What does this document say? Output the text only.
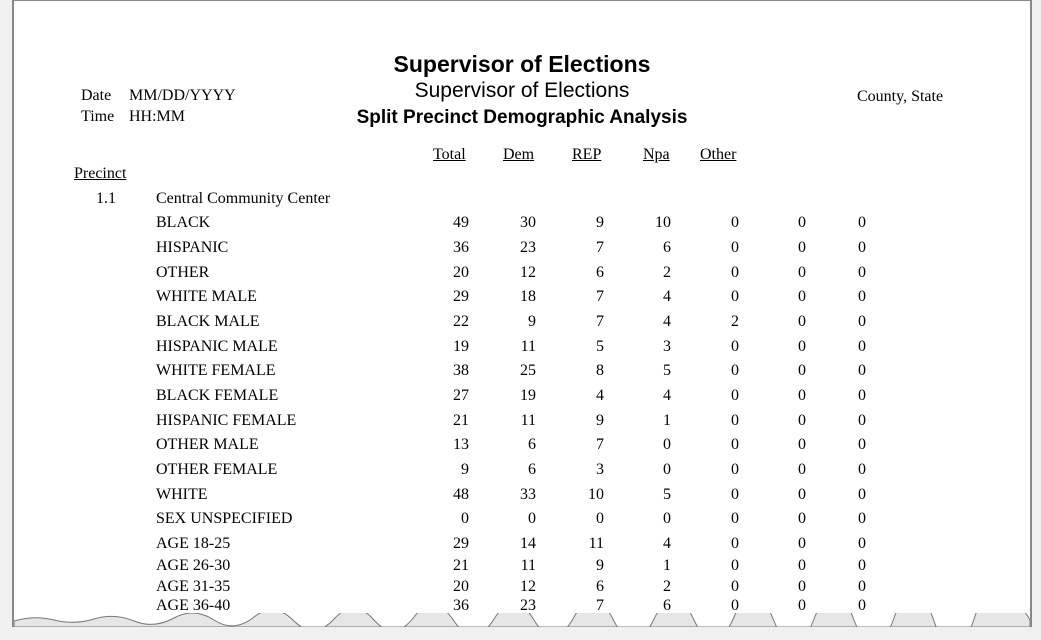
Supervisor of Elections
Supervisor of Elections
Split Precinct Demographic Analysis
Date MM/DD/YYYY
Time HH:MM
County, State
Total Dem REP	Npa Other
Precinct
1.1	Central Community Center
BLACK	49	30	9	10	0	0	0
HISPANIC	36	23	7	6	0	0	0
OTHER	20	12	6	2	0	0	0
WHITE MALE	29	18	7	4	0	0	0
BLACK MALE	22	9	7	4	2	0	0
HISPANIC MALE	19	11	5	3	0	0	0
WHITE FEMALE	38	25	8	5	0	0	0
BLACK FEMALE	27	19	4	4	0	0	0
HISPANIC FEMALE	21	11	9	1	0	0	0
OTHER MALE	13	6	7	0	0	0	0
OTHER FEMALE	9	6	3	0	0	0	0
WHITE	48	33	10	5	0	0	0
SEX UNSPECIFIED	0	0	0	0	0	0	0
AGE 18-25	29	14	11	4	0	0	0
AGE 26-30	21	11	9	1	0	0	0
AGE 31-35	20	12	6	2	0	0	0
AGE 36-40	36	23	7	6	0	0	0
